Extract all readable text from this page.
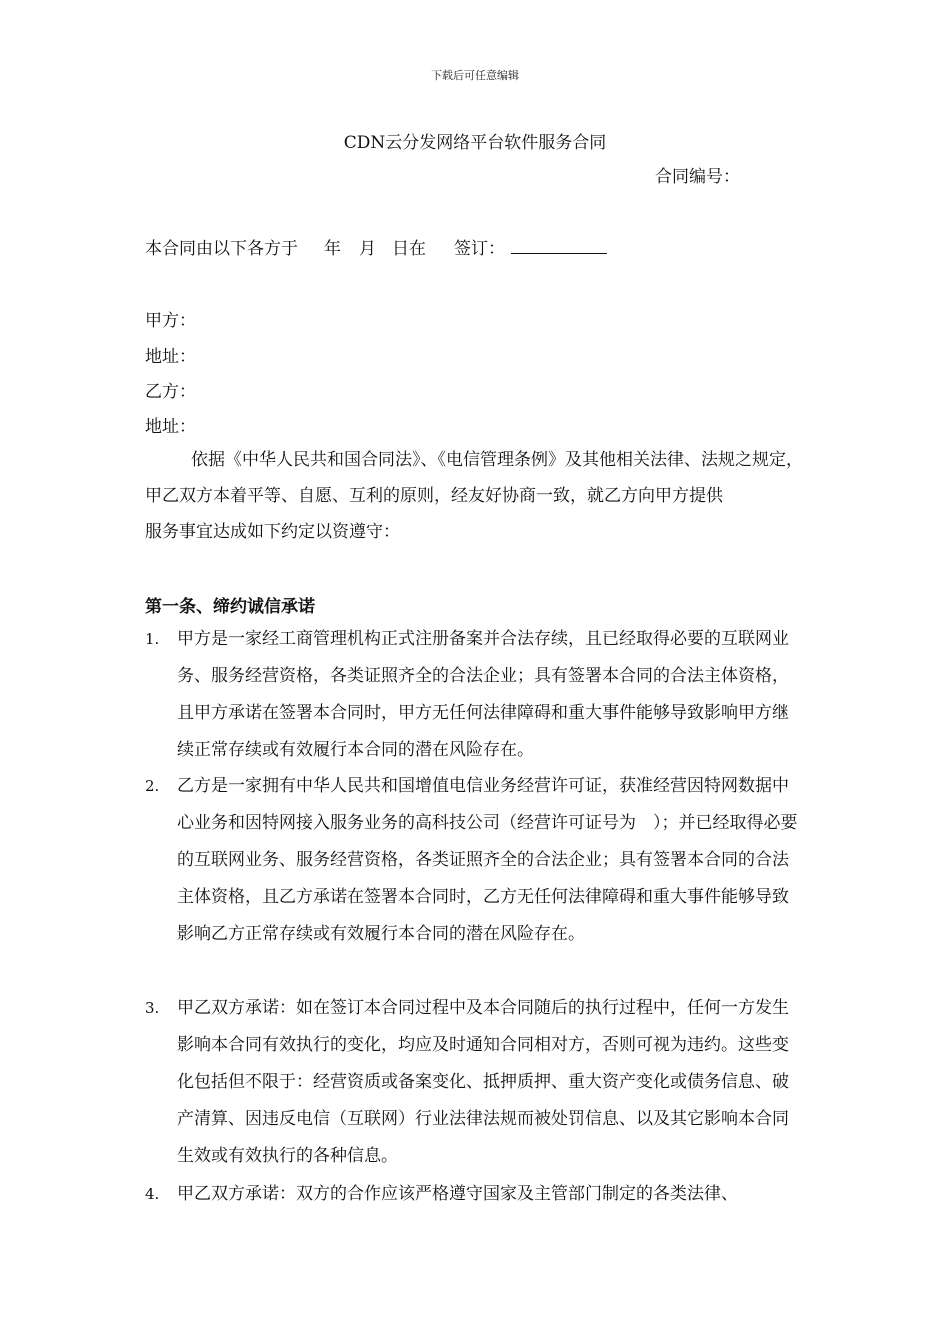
下载后可任意编辑
CDN云分发网络平台软件服务合同
合同编号：
本合同由以下各方于 年 月 日在 签订：
甲方：
地址：
乙方：
地址：
依据《中华人民共和国合同法》、《电信管理条例》及其他相关法律、法规之规定，甲乙双方本着平等、自愿、互利的原则，经友好协商一致，就乙方向甲方提供服务事宜达成如下约定以资遵守：
第一条、缔约诚信承诺
1. 甲方是一家经工商管理机构正式注册备案并合法存续，且已经取得必要的互联网业务、服务经营资格，各类证照齐全的合法企业；具有签署本合同的合法主体资格，且甲方承诺在签署本合同时，甲方无任何法律障碍和重大事件能够导致影响甲方继续正常存续或有效履行本合同的潜在风险存在。
2. 乙方是一家拥有中华人民共和国增值电信业务经营许可证，获准经营因特网数据中心业务和因特网接入服务业务的高科技公司（经营许可证号为　）；并已经取得必要的互联网业务、服务经营资格，各类证照齐全的合法企业；具有签署本合同的合法主体资格，且乙方承诺在签署本合同时，乙方无任何法律障碍和重大事件能够导致影响乙方正常存续或有效履行本合同的潜在风险存在。
3. 甲乙双方承诺：如在签订本合同过程中及本合同随后的执行过程中，任何一方发生影响本合同有效执行的变化，均应及时通知合同相对方，否则可视为违约。这些变化包括但不限于：经营资质或备案变化、抵押质押、重大资产变化或债务信息、破产清算、因违反电信（互联网）行业法律法规而被处罚信息、以及其它影响本合同生效或有效执行的各种信息。
4. 甲乙双方承诺：双方的合作应该严格遵守国家及主管部门制定的各类法律、
